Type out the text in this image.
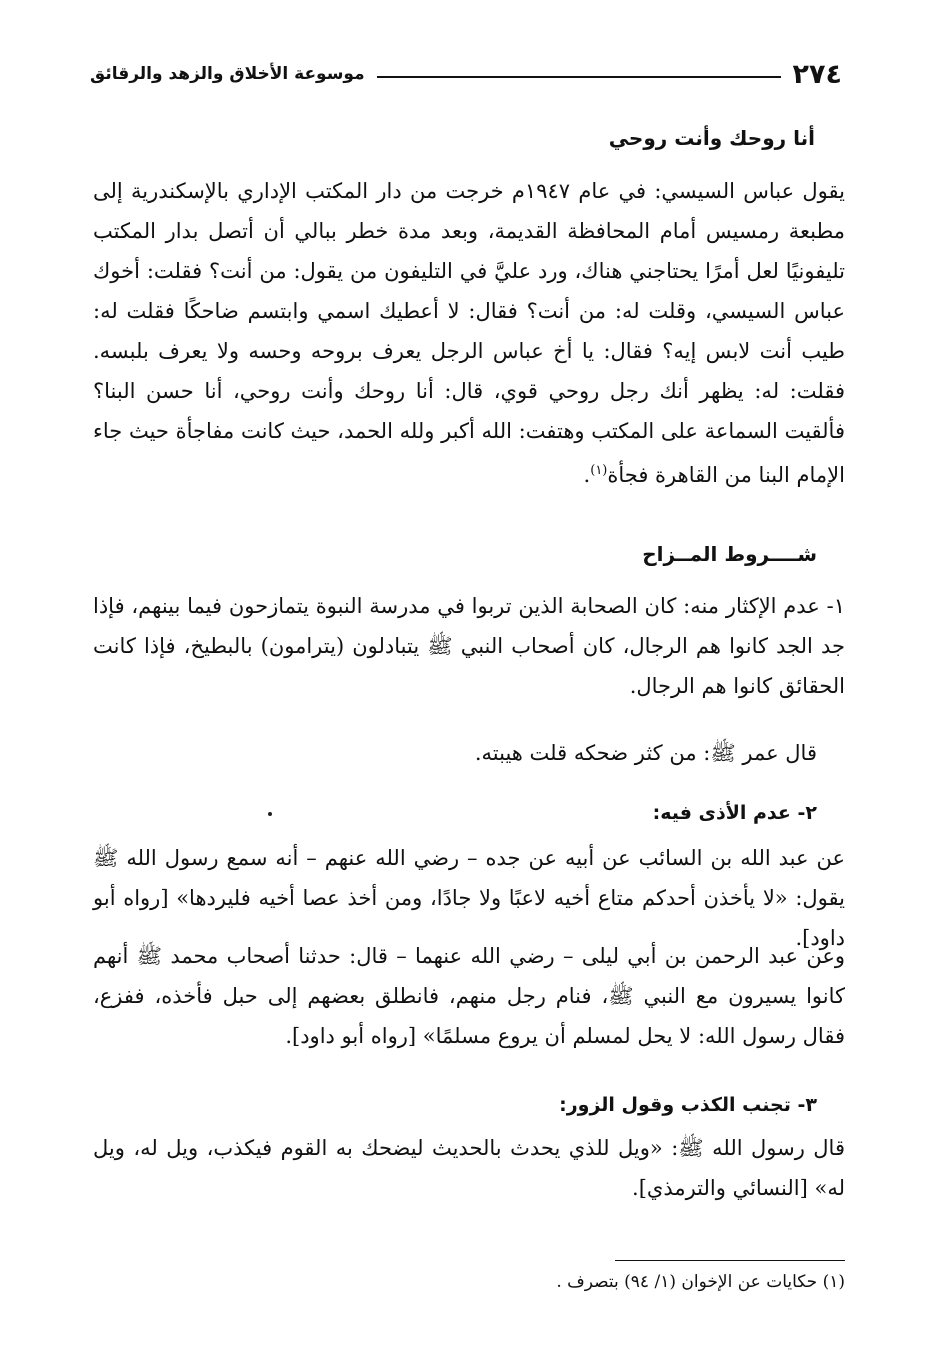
٢٧٤
موسوعة الأخلاق والزهد والرقائق
أنا روحك وأنت روحي
يقول عباس السيسي: في عام ١٩٤٧م خرجت من دار المكتب الإداري بالإسكندرية إلى مطبعة رمسيس أمام المحافظة القديمة، وبعد مدة خطر ببالي أن أتصل بدار المكتب تليفونيًا لعل أمرًا يحتاجني هناك، ورد عليَّ في التليفون من يقول: من أنت؟ فقلت: أخوك عباس السيسي، وقلت له: من أنت؟ فقال: لا أعطيك اسمي وابتسم ضاحكًا فقلت له: طيب أنت لابس إيه؟ فقال: يا أخ عباس الرجل يعرف بروحه وحسه ولا يعرف بلبسه. فقلت: له: يظهر أنك رجل روحي قوي، قال: أنا روحك وأنت روحي، أنا حسن البنا؟ فألقيت السماعة على المكتب وهتفت: الله أكبر ولله الحمد، حيث كانت مفاجأة حيث جاء الإمام البنا من القاهرة فجأة$^{(١)}$.
شــــروط المــزاح
١- عدم الإكثار منه: كان الصحابة الذين تربوا في مدرسة النبوة يتمازحون فيما بينهم، فإذا جد الجد كانوا هم الرجال، كان أصحاب النبي ﷺ يتبادلون (يترامون) بالبطيخ، فإذا كانت الحقائق كانوا هم الرجال.
قال عمر ﷺ: من كثر ضحكه قلت هيبته.
٢- عدم الأذى فيه:
عن عبد الله بن السائب عن أبيه عن جده – رضي الله عنهم – أنه سمع رسول الله ﷺ يقول: «لا يأخذن أحدكم متاع أخيه لاعبًا ولا جادًا، ومن أخذ عصا أخيه فليردها» [رواه أبو داود].
وعن عبد الرحمن بن أبي ليلى – رضي الله عنهما – قال: حدثنا أصحاب محمد ﷺ أنهم كانوا يسيرون مع النبي ﷺ، فنام رجل منهم، فانطلق بعضهم إلى حبل فأخذه، ففزع، فقال رسول الله: لا يحل لمسلم أن يروع مسلمًا» [رواه أبو داود].
٣- تجنب الكذب وقول الزور:
قال رسول الله ﷺ: «ويل للذي يحدث بالحديث ليضحك به القوم فيكذب، ويل له، ويل له» [النسائي والترمذي].
(١) حكايات عن الإخوان (١/ ٩٤) بتصرف .
